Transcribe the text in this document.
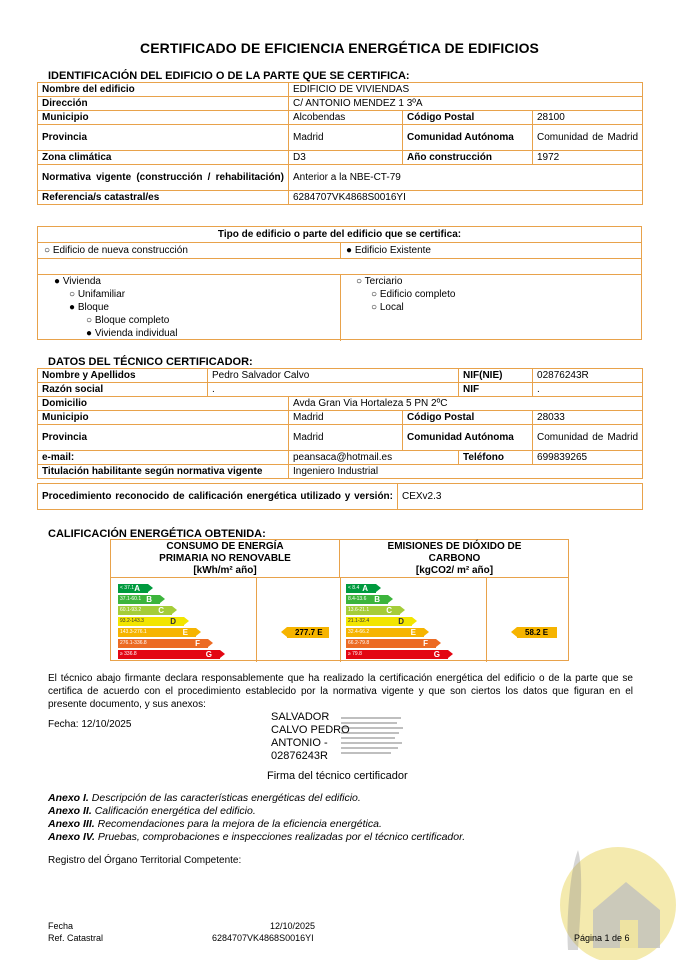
CERTIFICADO DE EFICIENCIA ENERGÉTICA DE EDIFICIOS
IDENTIFICACIÓN DEL EDIFICIO O DE LA PARTE QUE SE CERTIFICA:
Nombre del edificio	EDIFICIO DE VIVIENDAS		
Dirección	C/ ANTONIO MENDEZ 1 3ºA		
Municipio	Alcobendas	Código Postal	28100
Provincia	Madrid	Comunidad Autónoma	Comunidad de Madrid
Zona climática	D3	Año construcción	1972
Normativa vigente (construcción / rehabilitación)	Anterior a la NBE-CT-79		
Referencia/s catastral/es	6284707VK4868S0016YI		
Tipo de edificio o parte del edificio que se certifica:
○ Edificio de nueva construcción	● Edificio Existente
● Vivienda
○ Unifamiliar
● Bloque
○ Bloque completo
● Vivienda individual
○ Terciario
○ Edificio completo
○ Local
DATOS DEL TÉCNICO CERTIFICADOR:
Nombre y Apellidos	Pedro Salvador Calvo			NIF(NIE)	02876243R
Razón social	.			NIF	.
Domicilio		Avda Gran Via Hortaleza 5 PN 2ºC			
Municipio		Madrid	Código Postal		28033
Provincia		Madrid	Comunidad Autónoma		Comunidad de Madrid
e-mail:		peansaca@hotmail.es		Teléfono	699839265
Titulación habilitante según normativa vigente		Ingeniero Industrial			
Procedimiento reconocido de calificación energética utilizado y versión:	CEXv2.3
CALIFICACIÓN ENERGÉTICA OBTENIDA:
CONSUMO DE ENERGÍA
PRIMARIA NO RENOVABLE
[kWh/m² año]
EMISIONES DE DIÓXIDO DE
CARBONO
[kgCO2/ m² año]
< 37.1 A
37.1-60.1 B
60.1-93.2 C
93.2-143.3	D
143.3-276.1	E
276.1-336.8	F
≥ 336.8	G
< 8.4 A
8.4-13.6 B
13.6-21.1 C
21.1-32.4	D
32.4-66.2	E
66.2-79.8	F
≥ 79.8	G
277.7 E	58.2 E
El técnico abajo firmante declara responsablemente que ha realizado la certificación energética del edificio o de la parte que se certifica de acuerdo con el procedimiento establecido por la normativa vigente y que son ciertos los datos que figuran en el presente documento, y sus anexos:
Fecha: 12/10/2025
SALVADOR
CALVO PEDRO
ANTONIO -
02876243R
Firma del técnico certificador
Anexo I. Descripción de las características energéticas del edificio.
Anexo II. Calificación energética del edificio.
Anexo III. Recomendaciones para la mejora de la eficiencia energética.
Anexo IV. Pruebas, comprobaciones e inspecciones realizadas por el técnico certificador.
Registro del Órgano Territorial Competente:
Fecha	12/10/2025
Ref. Catastral	6284707VK4868S0016YI	Página 1 de 6
